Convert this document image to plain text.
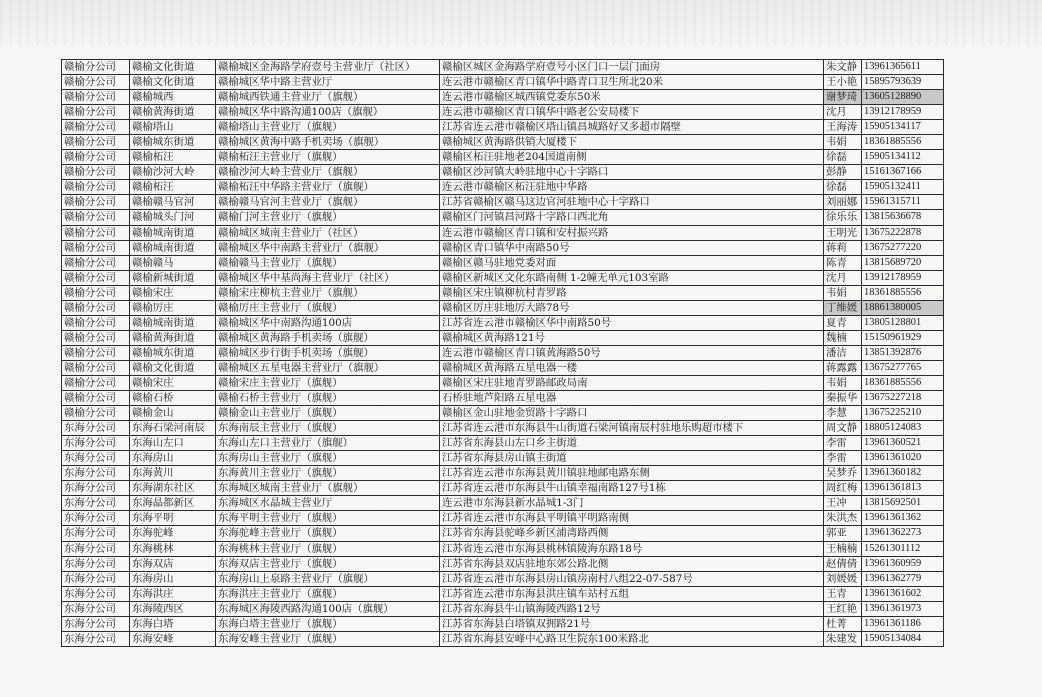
赣榆分公司	赣榆文化街道	赣榆城区金海路学府壹号主营业厅（社区）	赣榆区城区金海路学府壹号小区门口一层门面房	朱文静	13961365611
赣榆分公司	赣榆文化街道	赣榆城区华中路主营业厅	连云港市赣榆区青口镇华中路青口卫生所北20米	王小艳	15895793639
赣榆分公司	赣榆城西	赣榆城西铁通主营业厅（旗舰）	连云港市赣榆区城西镇党委东50米	谢梦琦	13605128890
赣榆分公司	赣榆黄海街道	赣榆城区华中路沟通100店（旗舰）	连云港市赣榆区青口镇华中路老公安局楼下	沈月	13912178959
赣榆分公司	赣榆塔山	赣榆塔山主营业厅（旗舰）	江苏省连云港市赣榆区塔山镇昌城路好又多超市隔壁	王海涛	15905134117
赣榆分公司	赣榆城东街道	赣榆城区黄海中路手机卖场（旗舰）	赣榆城区黄海路供销大厦楼下	韦娟	18361885556
赣榆分公司	赣榆柘汪	赣榆柘汪主营业厅（旗舰）	赣榆区柘汪驻地老204国道南侧	徐磊	15905134112
赣榆分公司	赣榆沙河大岭	赣榆沙河大岭主营业厅（旗舰）	赣榆区沙河镇大岭驻地中心十字路口	彭静	15161367166
赣榆分公司	赣榆柘汪	赣榆柘汪中华路主营业厅（旗舰）	连云港市赣榆区柘汪驻地中华路	徐磊	15905132411
赣榆分公司	赣榆赣马官河	赣榆赣马官河主营业厅（旗舰）	江苏省赣榆区赣马这边官河驻地中心十字路口	刘丽娜	15961315711
赣榆分公司	赣榆城头门河	赣榆门河主营业厅（旗舰）	赣榆区门河镇昌河路十字路口西北角	徐乐乐	13815636678
赣榆分公司	赣榆城南街道	赣榆城区城南主营业厅（社区）	连云港市赣榆区青口镇和安村振兴路	王明光	13675222878
赣榆分公司	赣榆城南街道	赣榆城区华中南路主营业厅（旗舰）	赣榆区青口镇华中南路50号	蒋莉	13675277220
赣榆分公司	赣榆赣马	赣榆赣马主营业厅（旗舰）	赣榆区赣马驻地党委对面	陈青	13815689720
赣榆分公司	赣榆新城街道	赣榆城区华中基尚海主营业厅（社区）	赣榆区新城区文化东路南侧 1-2幢无单元103室路	沈月	13912178959
赣榆分公司	赣榆宋庄	赣榆宋庄柳杭主营业厅（旗舰）	赣榆区宋庄镇柳杭村青罗路	韦娟	18361885556
赣榆分公司	赣榆厉庄	赣榆厉庄主营业厅（旗舰）	赣榆区厉庄驻地厉大路78号	丁维媛	18861380005
赣榆分公司	赣榆城南街道	赣榆城区华中南路沟通100店	江苏省连云港市赣榆区华中南路50号	夏青	13805128801
赣榆分公司	赣榆黄海街道	赣榆城区黄海路手机卖场（旗舰）	赣榆城区黄海路121号	魏楠	15150961929
赣榆分公司	赣榆城东街道	赣榆城区步行街手机卖场（旗舰）	连云港市赣榆区青口镇黄海路50号	潘洁	13851392876
赣榆分公司	赣榆文化街道	赣榆城区五星电器主营业厅（旗舰）	赣榆城区黄海路五星电器一楼	蒋露露	13675277765
赣榆分公司	赣榆宋庄	赣榆宋庄主营业厅（旗舰）	赣榆区宋庄驻地青罗路邮政局南	韦娟	18361885556
赣榆分公司	赣榆石桥	赣榆石桥主营业厅（旗舰）	石桥驻地芦阳路五星电器	秦振华	13675227218
赣榆分公司	赣榆金山	赣榆金山主营业厅（旗舰）	赣榆区金山驻地金贸路十字路口	李慧	13675225210
东海分公司	东海石梁河南辰	东海南辰主营业厅（旗舰）	江苏省连云港市东海县牛山街道石梁河镇南辰村驻地乐购超市楼下	周文静	18805124083
东海分公司	东海山左口	东海山左口主营业厅（旗舰）	江苏省东海县山左口乡主街道	李雷	13961360521
东海分公司	东海房山	东海房山主营业厅（旗舰）	江苏省东海县房山镇主街道	李雷	13961361020
东海分公司	东海黄川	东海黄川主营业厅（旗舰）	江苏省连云港市东海县黄川镇驻地邮电路东侧	吴梦乔	13961360182
东海分公司	东海湖东社区	东海城区城南主营业厅（旗舰）	江苏省连云港市东海县牛山镇幸福南路127号1栋	周红梅	13961361813
东海分公司	东海晶都新区	东海城区水晶城主营业厅	连云港市东海县新水晶城1-3门	王冲	13815692501
东海分公司	东海平明	东海平明主营业厅（旗舰）	江苏省连云港市东海县平明镇平明路南侧	朱洪杰	13961361362
东海分公司	东海驼峰	东海驼峰主营业厅（旗舰）	江苏省东海县驼峰乡新区浦湾路西侧	郭亚	13961362273
东海分公司	东海桃林	东海桃林主营业厅（旗舰）	江苏省连云港市东海县桃林镇陵海东路18号	王楠楠	15261301112
东海分公司	东海双店	东海双店主营业厅（旗舰）	江苏省东海县双店驻地东郊公路北侧	赵倩倩	13961360959
东海分公司	东海房山	东海房山上泉路主营业厅（旗舰）	江苏省连云港市东海县房山镇房南村八组22-07-587号	刘媛媛	13961362779
东海分公司	东海洪庄	东海洪庄主营业厅（旗舰）	江苏省连云港市东海县洪庄镇车站村五组	王青	13961361602
东海分公司	东海陵西区	东海城区海陵西路沟通100店（旗舰）	江苏省东海县牛山镇海陵西路12号	王红艳	13961361973
东海分公司	东海白塔	东海白塔主营业厅（旗舰）	江苏省东海县白塔镇双拥路21号	杜菁	13961361186
东海分公司	东海安峰	东海安峰主营业厅（旗舰）	江苏省东海县安峰中心路卫生院东100米路北	朱建发	15905134084
